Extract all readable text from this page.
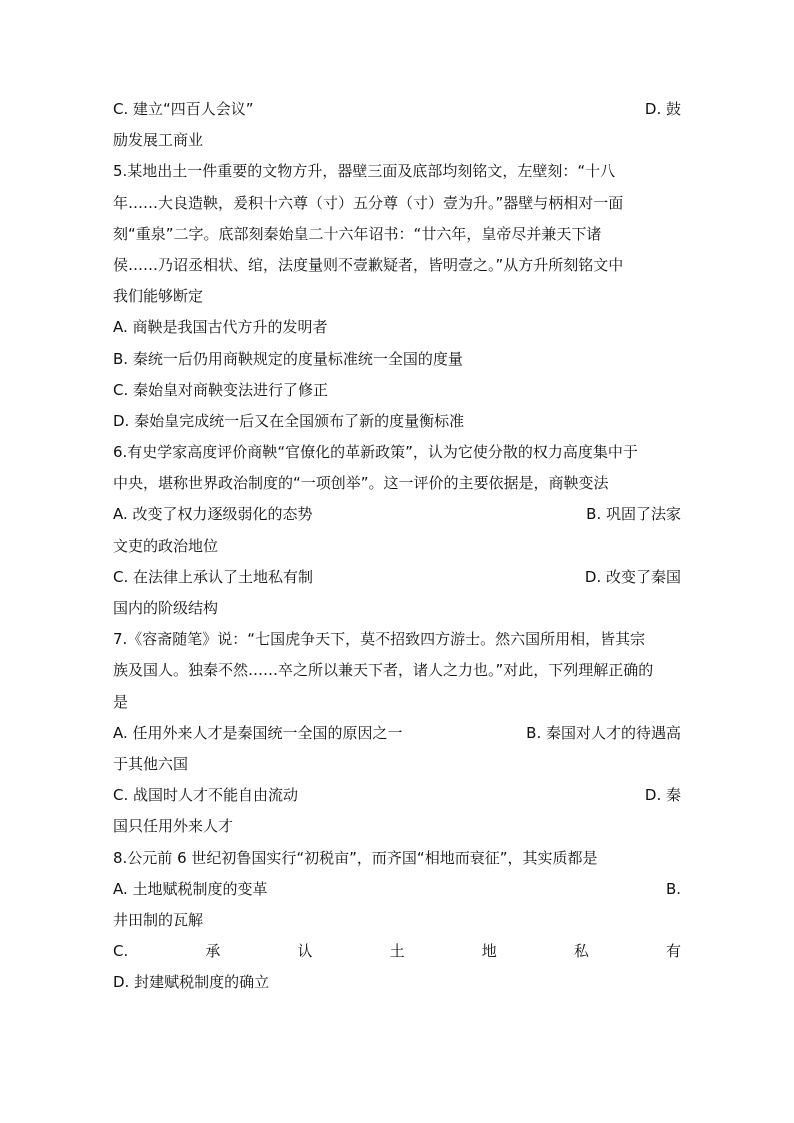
C. 建立“四百人会议”	D. 鼓
励发展工商业
5.某地出土一件重要的文物方升，器壁三面及底部均刻铭文，左壁刻：“十八
年……大良造鞅，爰积十六尊（寸）五分尊（寸）壹为升。”器壁与柄相对一面
刻“重泉”二字。底部刻秦始皇二十六年诏书：“廿六年，皇帝尽并兼天下诸
侯……乃诏丞相状、绾，法度量则不壹歉疑者，皆明壹之。”从方升所刻铭文中
我们能够断定
A. 商鞅是我国古代方升的发明者
B. 秦统一后仍用商鞅规定的度量标准统一全国的度量
C. 秦始皇对商鞅变法进行了修正
D. 秦始皇完成统一后又在全国颁布了新的度量衡标准
6.有史学家高度评价商鞅“官僚化的革新政策”，认为它使分散的权力高度集中于
中央，堪称世界政治制度的“一项创举”。这一评价的主要依据是，商鞅变法
A. 改变了权力逐级弱化的态势	B. 巩固了法家
文吏的政治地位
C. 在法律上承认了土地私有制	D. 改变了秦国
国内的阶级结构
7.《容斋随笔》说：“七国虎争天下，莫不招致四方游士。然六国所用相，皆其宗
族及国人。独秦不然……卒之所以兼天下者，诸人之力也。”对此，下列理解正确的
是
A. 任用外来人才是秦国统一全国的原因之一	B. 秦国对人才的待遇高
于其他六国
C. 战国时人才不能自由流动	D. 秦
国只任用外来人才
8.公元前 6 世纪初鲁国实行“初税亩”，而齐国“相地而衰征”，其实质都是
A. 土地赋税制度的变革	B.
井田制的瓦解
C.	承	认	土	地	私	有
D. 封建赋税制度的确立
